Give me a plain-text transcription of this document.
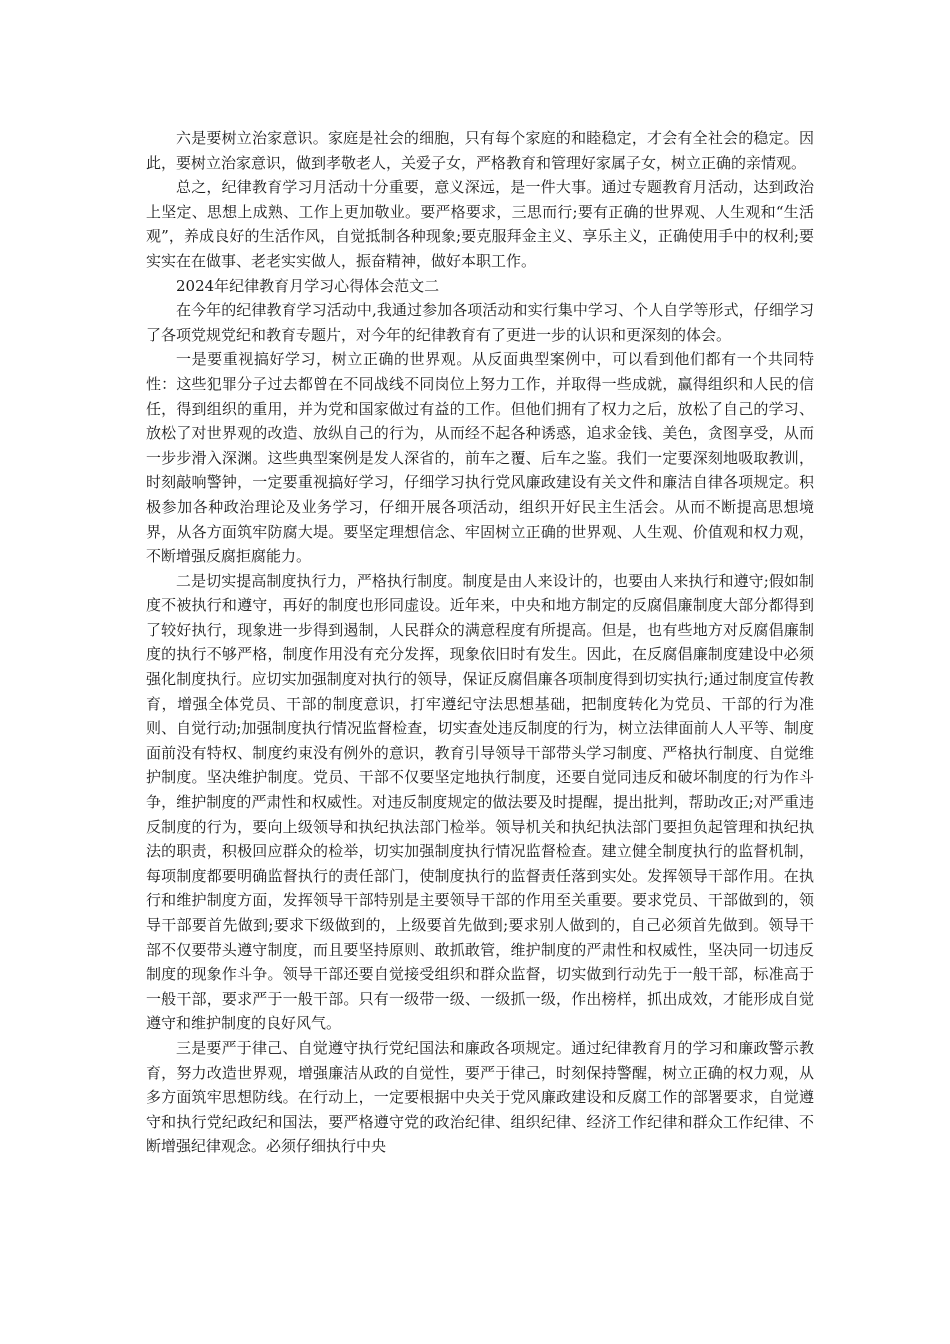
六是要树立治家意识。家庭是社会的细胞，只有每个家庭的和睦稳定，才会有全社会的稳定。因此，要树立治家意识，做到孝敬老人，关爱子女，严格教育和管理好家属子女，树立正确的亲情观。

总之，纪律教育学习月活动十分重要，意义深远，是一件大事。通过专题教育月活动，达到政治上坚定、思想上成熟、工作上更加敬业。要严格要求，三思而行;要有正确的世界观、人生观和“生活观”，养成良好的生活作风，自觉抵制各种现象;要克服拜金主义、享乐主义，正确使用手中的权利;要实实在在做事、老老实实做人，振奋精神，做好本职工作。

2024年纪律教育月学习心得体会范文二

在今年的纪律教育学习活动中,我通过参加各项活动和实行集中学习、个人自学等形式，仔细学习了各项党规党纪和教育专题片，对今年的纪律教育有了更进一步的认识和更深刻的体会。

一是要重视搞好学习，树立正确的世界观。从反面典型案例中，可以看到他们都有一个共同特性：这些犯罪分子过去都曾在不同战线不同岗位上努力工作，并取得一些成就，赢得组织和人民的信任，得到组织的重用，并为党和国家做过有益的工作。但他们拥有了权力之后，放松了自己的学习、放松了对世界观的改造、放纵自己的行为，从而经不起各种诱惑，追求金钱、美色，贪图享受，从而一步步滑入深渊。这些典型案例是发人深省的，前车之覆、后车之鉴。我们一定要深刻地吸取教训，时刻敲响警钟，一定要重视搞好学习，仔细学习执行党风廉政建设有关文件和廉洁自律各项规定。积极参加各种政治理论及业务学习，仔细开展各项活动，组织开好民主生活会。从而不断提高思想境界，从各方面筑牢防腐大堤。要坚定理想信念、牢固树立正确的世界观、人生观、价值观和权力观，不断增强反腐拒腐能力。

二是切实提高制度执行力，严格执行制度。制度是由人来设计的，也要由人来执行和遵守;假如制度不被执行和遵守，再好的制度也形同虚设。近年来，中央和地方制定的反腐倡廉制度大部分都得到了较好执行，现象进一步得到遏制，人民群众的满意程度有所提高。但是，也有些地方对反腐倡廉制度的执行不够严格，制度作用没有充分发挥，现象依旧时有发生。因此，在反腐倡廉制度建设中必须强化制度执行。应切实加强制度对执行的领导，保证反腐倡廉各项制度得到切实执行;通过制度宣传教育，增强全体党员、干部的制度意识，打牢遵纪守法思想基础，把制度转化为党员、干部的行为准则、自觉行动;加强制度执行情况监督检查，切实查处违反制度的行为，树立法律面前人人平等、制度面前没有特权、制度约束没有例外的意识，教育引导领导干部带头学习制度、严格执行制度、自觉维护制度。坚决维护制度。党员、干部不仅要坚定地执行制度，还要自觉同违反和破坏制度的行为作斗争，维护制度的严肃性和权威性。对违反制度规定的做法要及时提醒，提出批判，帮助改正;对严重违反制度的行为，要向上级领导和执纪执法部门检举。领导机关和执纪执法部门要担负起管理和执纪执法的职责，积极回应群众的检举，切实加强制度执行情况监督检查。建立健全制度执行的监督机制，每项制度都要明确监督执行的责任部门，使制度执行的监督责任落到实处。发挥领导干部作用。在执行和维护制度方面，发挥领导干部特别是主要领导干部的作用至关重要。要求党员、干部做到的，领导干部要首先做到;要求下级做到的，上级要首先做到;要求别人做到的，自己必须首先做到。领导干部不仅要带头遵守制度，而且要坚持原则、敢抓敢管，维护制度的严肃性和权威性，坚决同一切违反制度的现象作斗争。领导干部还要自觉接受组织和群众监督，切实做到行动先于一般干部，标准高于一般干部，要求严于一般干部。只有一级带一级、一级抓一级，作出榜样，抓出成效，才能形成自觉遵守和维护制度的良好风气。

三是要严于律己、自觉遵守执行党纪国法和廉政各项规定。通过纪律教育月的学习和廉政警示教育，努力改造世界观，增强廉洁从政的自觉性，要严于律己，时刻保持警醒，树立正确的权力观，从多方面筑牢思想防线。在行动上，一定要根据中央关于党风廉政建设和反腐工作的部署要求，自觉遵守和执行党纪政纪和国法，要严格遵守党的政治纪律、组织纪律、经济工作纪律和群众工作纪律、不断增强纪律观念。必须仔细执行中央
